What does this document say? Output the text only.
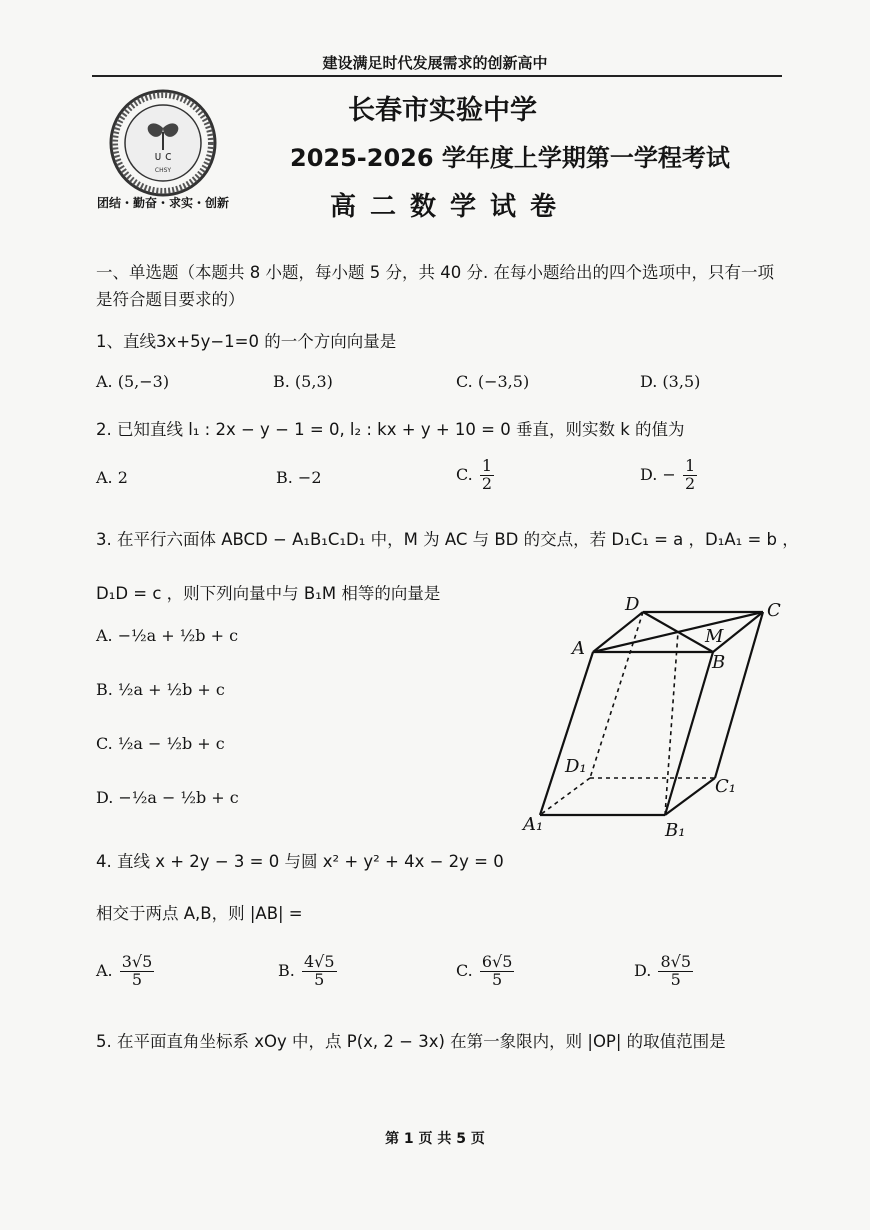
建设满足时代发展需求的创新高中
ᴜ ᴄ
CHSY
团结・勤奋・求实・创新
长春市实验中学
2025-2026 学年度上学期第一学程考试
高二数学试卷
一、单选题（本题共 8 小题，每小题 5 分，共 40 分. 在每小题给出的四个选项中，只有一项是符合题目要求的）
1、直线3x+5y−1=0 的一个方向向量是
A. (5,−3)	B. (5,3)	C. (−3,5)	D. (3,5)
2. 已知直线 l₁ : 2x − y − 1 = 0, l₂ : kx + y + 10 = 0 垂直，则实数 k 的值为
A. 2	B. −2	C. $\frac{1}{2}$	D. − $\frac{1}{2}$
3. 在平行六面体 ABCD − A₁B₁C₁D₁ 中，M 为 AC 与 BD 的交点，若 D₁C₁ = a ，D₁A₁ = b ，
D₁D = c ，则下列向量中与 B₁M 相等的向量是
A. −½a + ½b + c
B. ½a + ½b + c
C. ½a − ½b + c
D. −½a − ½b + c
D	C
A
M
B
D₁
C₁
A₁	B₁
4. 直线 x + 2y − 3 = 0 与圆 x² + y² + 4x − 2y = 0
相交于两点 A,B，则 |AB| =
A. $\frac{3√5}{5}$	B. $\frac{4√5}{5}$	C. $\frac{6√5}{5}$	D. $\frac{8√5}{5}$
5. 在平面直角坐标系 xOy 中，点 P(x, 2 − 3x) 在第一象限内，则 |OP| 的取值范围是
第 1 页 共 5 页
